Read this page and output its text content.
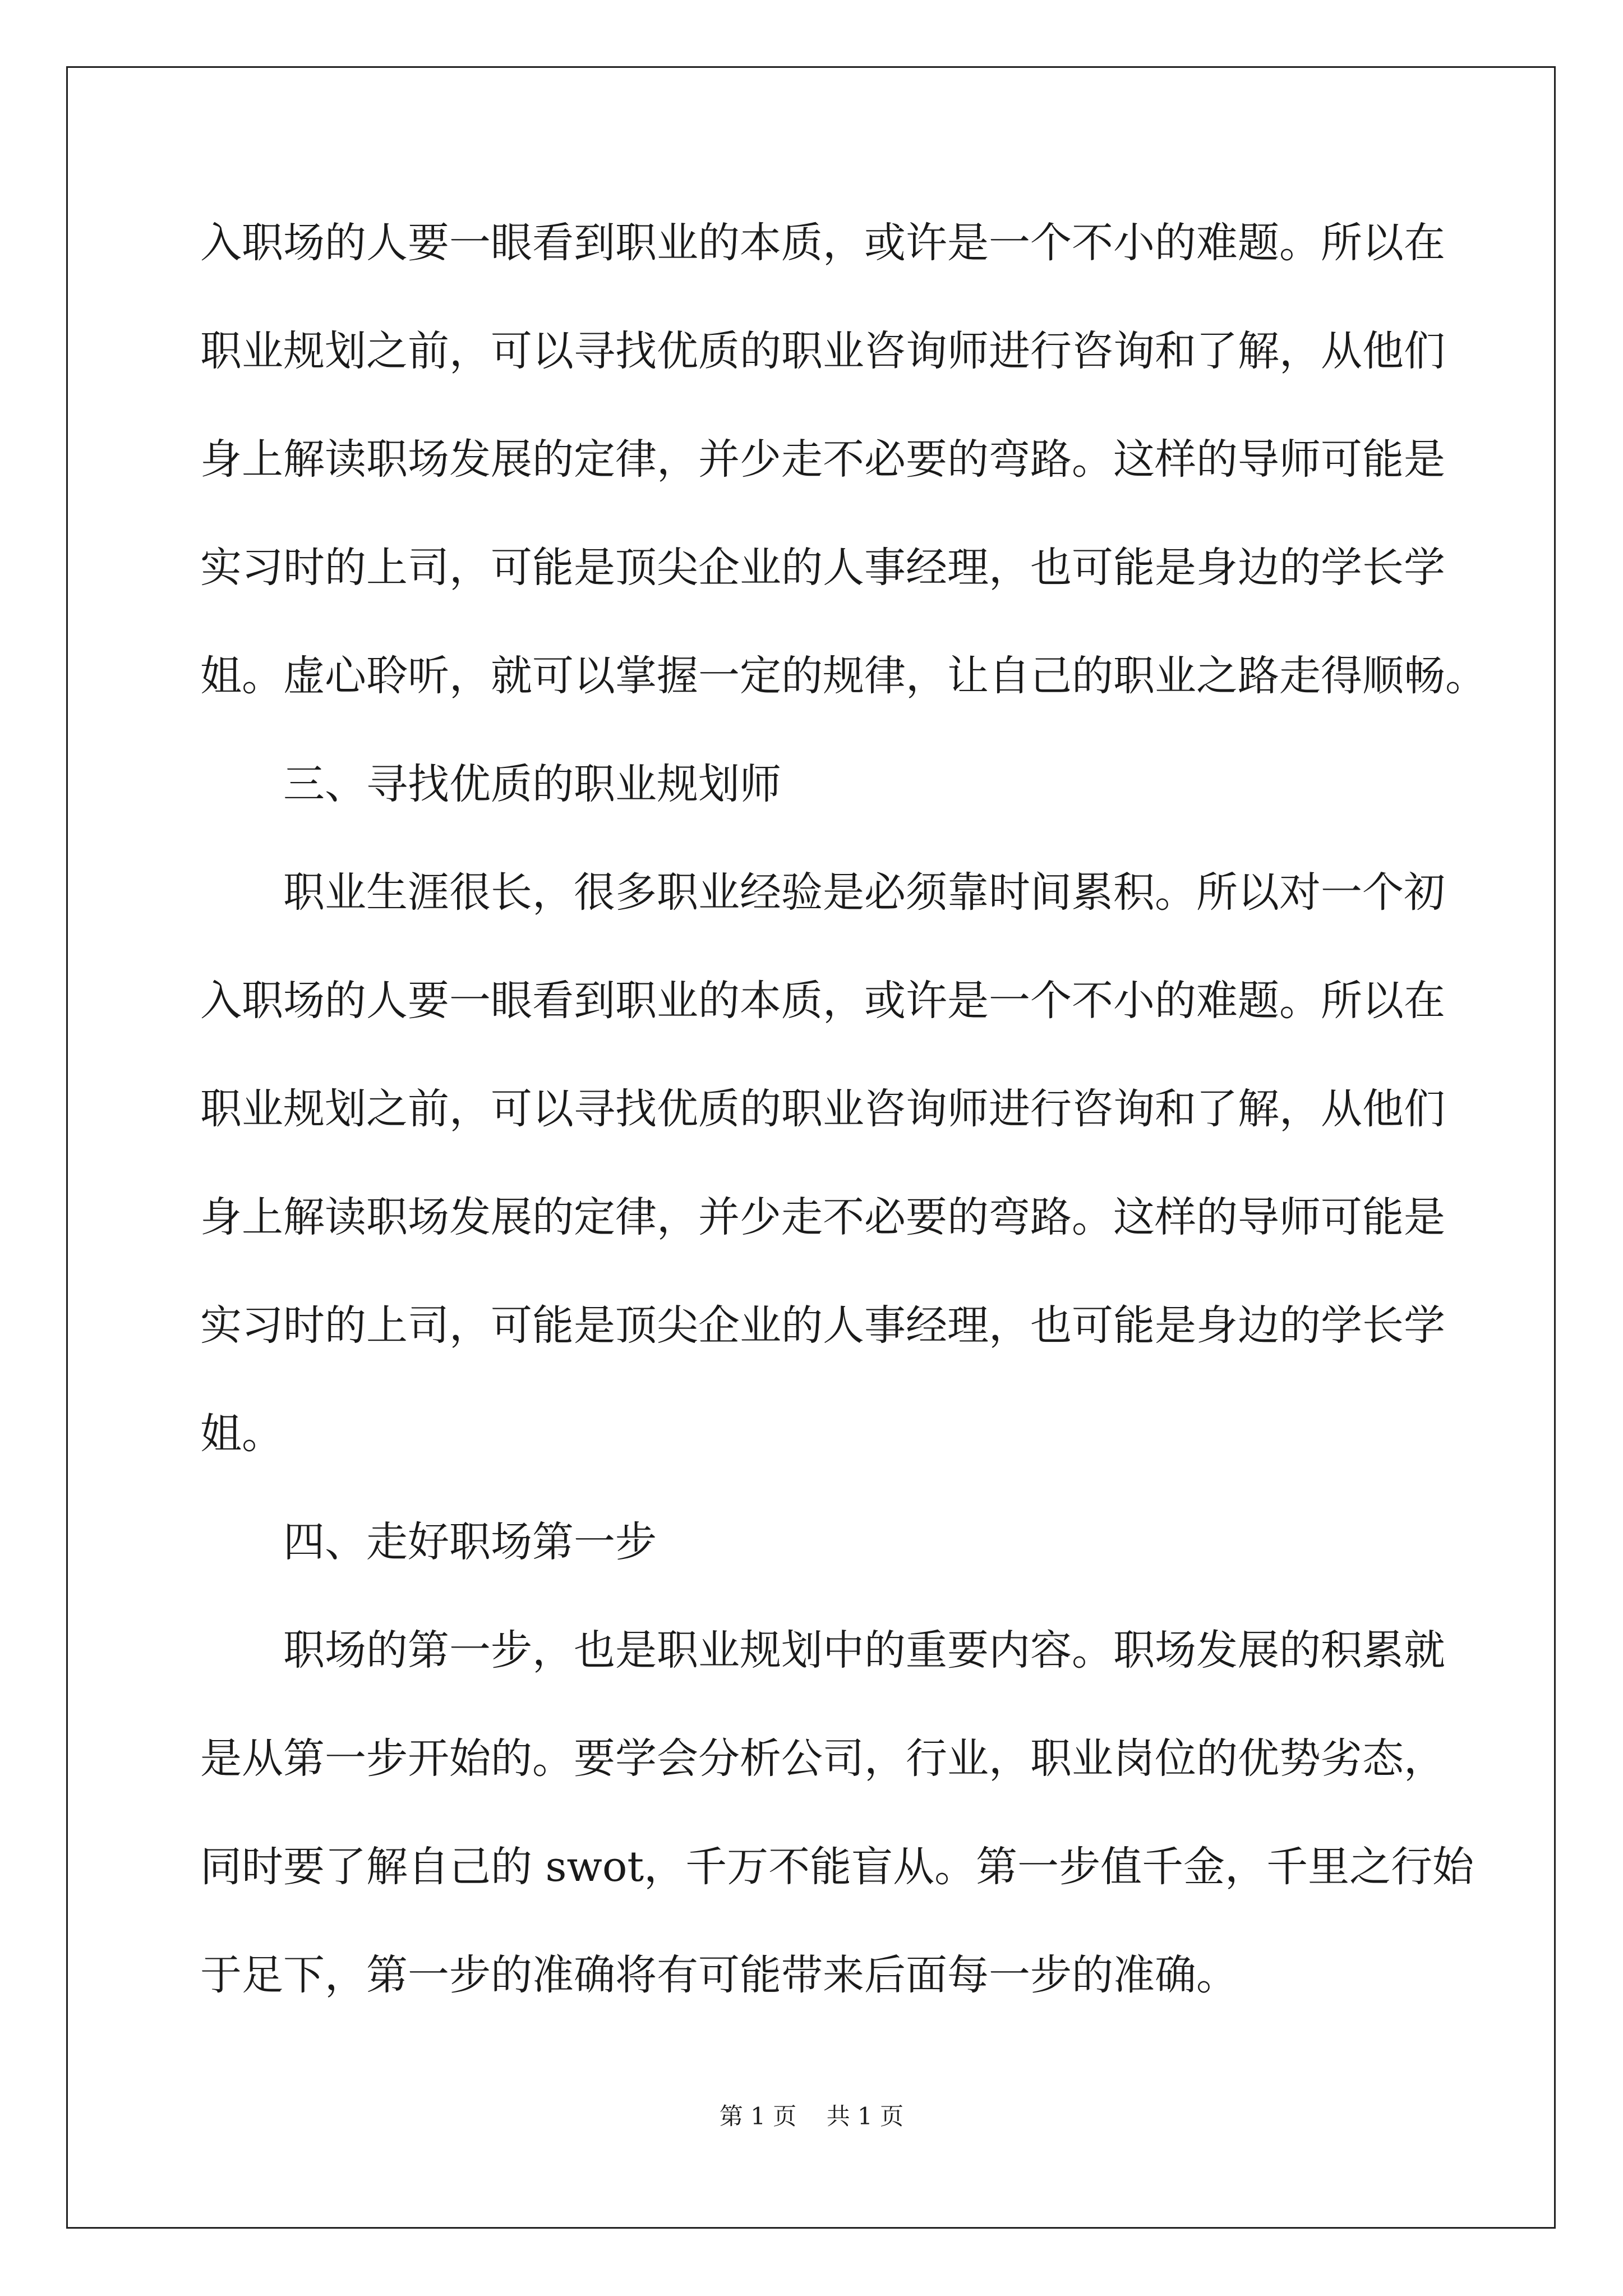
入职场的人要一眼看到职业的本质，或许是一个不小的难题。所以在

职业规划之前，可以寻找优质的职业咨询师进行咨询和了解，从他们

身上解读职场发展的定律，并少走不必要的弯路。这样的导师可能是

实习时的上司，可能是顶尖企业的人事经理，也可能是身边的学长学

姐。虚心聆听，就可以掌握一定的规律，让自己的职业之路走得顺畅。

三、寻找优质的职业规划师

职业生涯很长，很多职业经验是必须靠时间累积。所以对一个初

入职场的人要一眼看到职业的本质，或许是一个不小的难题。所以在

职业规划之前，可以寻找优质的职业咨询师进行咨询和了解，从他们

身上解读职场发展的定律，并少走不必要的弯路。这样的导师可能是

实习时的上司，可能是顶尖企业的人事经理，也可能是身边的学长学

姐。

四、走好职场第一步

职场的第一步，也是职业规划中的重要内容。职场发展的积累就

是从第一步开始的。要学会分析公司，行业，职业岗位的优势劣态，

同时要了解自己的 swot，千万不能盲从。第一步值千金，千里之行始

于足下，第一步的准确将有可能带来后面每一步的准确。

第 1 页 共 1 页
